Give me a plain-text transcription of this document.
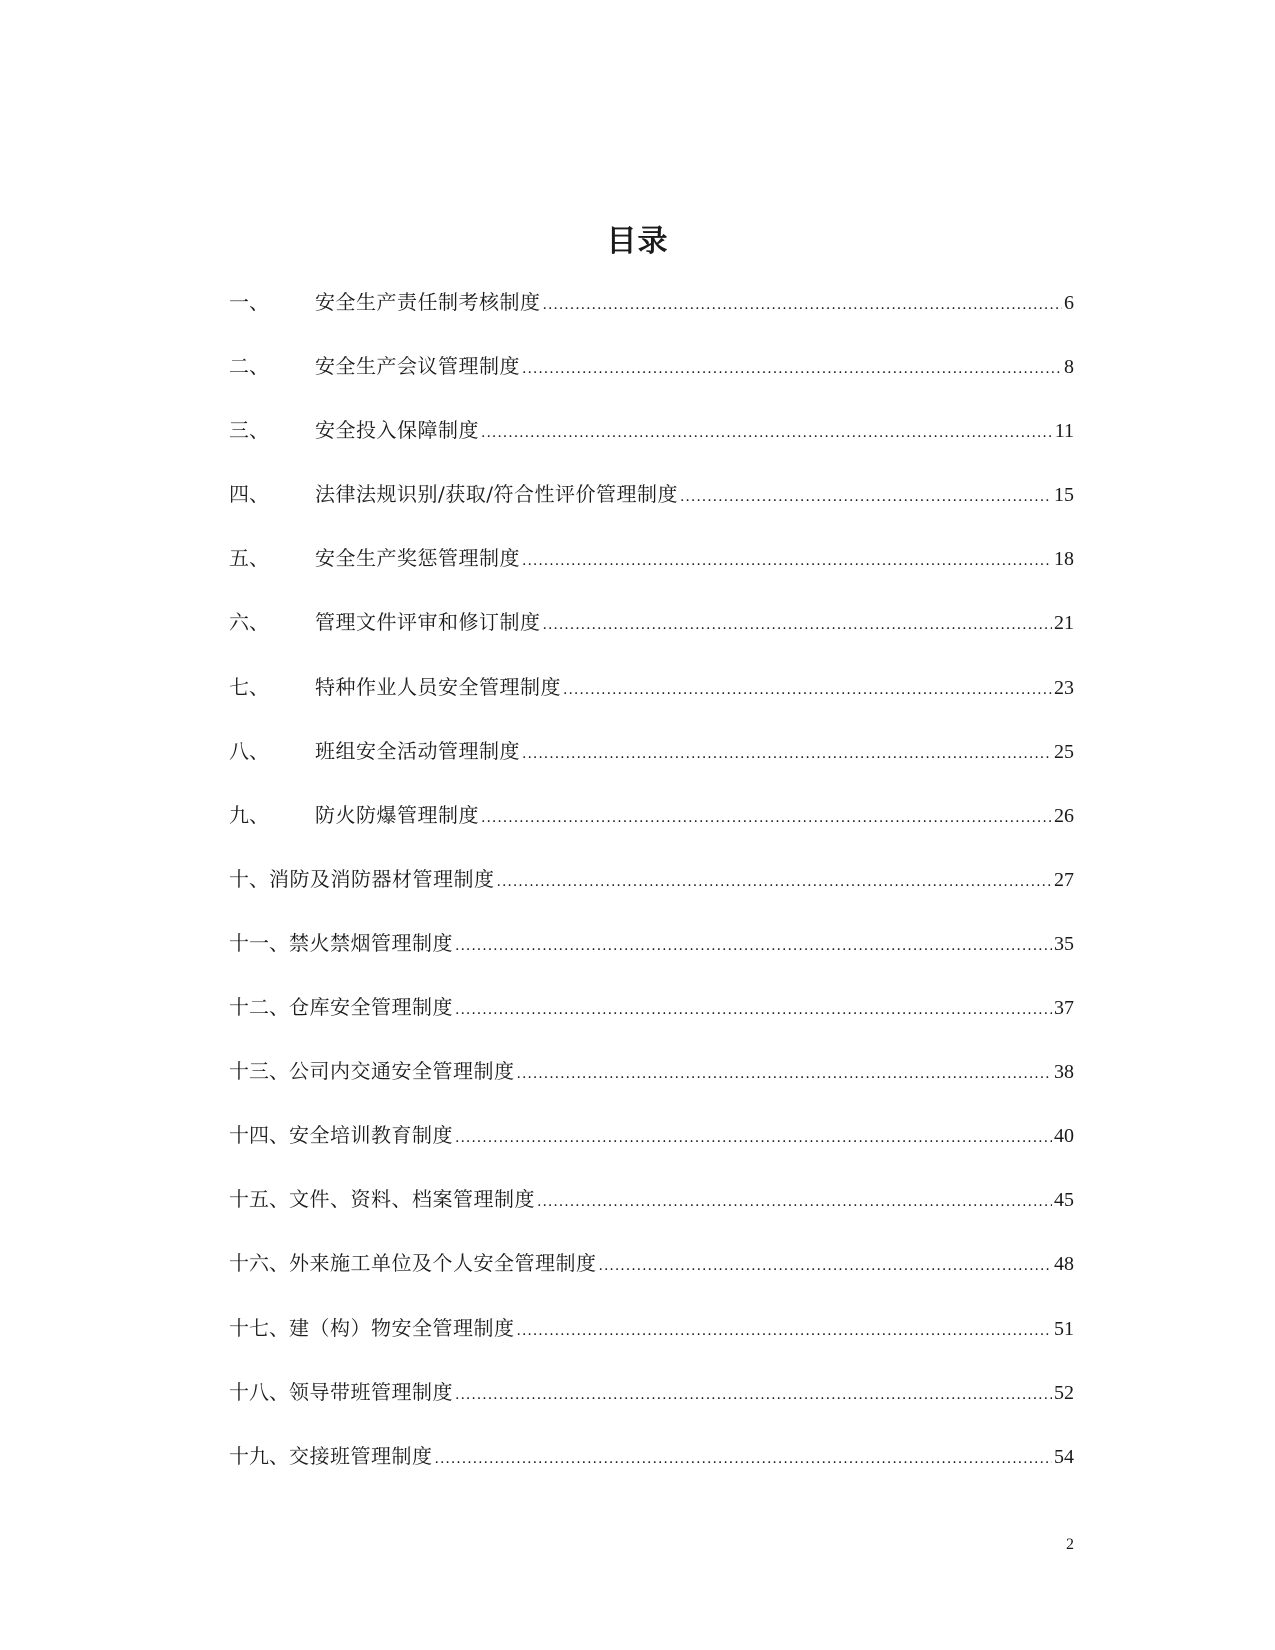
目录
一、	安全生产责任制考核制度 .....	6
二、	安全生产会议管理制度 .....	8
三、	安全投入保障制度 .....	11
四、	法律法规识别/获取/符合性评价管理制度 .....	15
五、	安全生产奖惩管理制度 .....	18
六、	管理文件评审和修订制度 .....	21
七、	特种作业人员安全管理制度 .....	23
八、	班组安全活动管理制度 .....	25
九、	防火防爆管理制度 .....	26
十、 消防及消防器材管理制度 .....	27
十一、 禁火禁烟管理制度 .....	35
十二、 仓库安全管理制度 .....	37
十三、 公司内交通安全管理制度 .....	38
十四、 安全培训教育制度 .....	40
十五、 文件、资料、档案管理制度 .....	45
十六、 外来施工单位及个人安全管理制度 .....	48
十七、 建（构）物安全管理制度 .....	51
十八、 领导带班管理制度 .....	52
十九、 交接班管理制度 .....	54
2
